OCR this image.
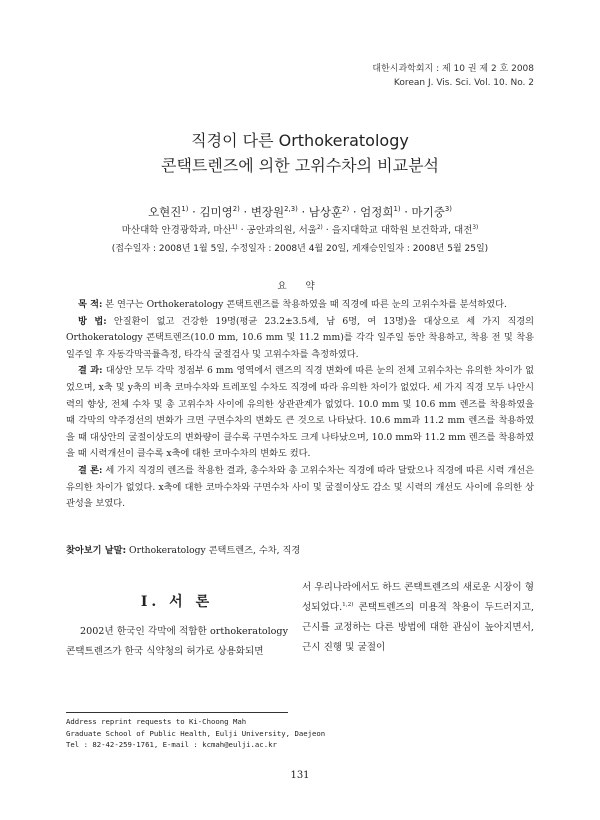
대한시과학회지 : 제 10 권 제 2 호 2008
Korean J. Vis. Sci. Vol. 10. No. 2
직경이 다른 Orthokeratology
콘택트렌즈에 의한 고위수차의 비교분석
오현진$^{1)}$ · 김미영$^{2)}$ · 변장원$^{2,3)}$ · 남상훈$^{2)}$ · 엄정희$^{1)}$ · 마기중$^{3)}$
마산대학 안경광학과, 마산$^{1)}$ · 공안과의원, 서울$^{2)}$ · 을지대학교 대학원 보건학과, 대전$^{3)}$
(접수일자 : 2008년 1월 5일, 수정일자 : 2008년 4월 20일, 게재승인일자 : 2008년 5월 25일)
요 약

목 적: 본 연구는 Orthokeratology 콘택트렌즈를 착용하였을 때 직경에 따른 눈의 고위수차를 분석하였다.

방 법: 안질환이 없고 건강한 19명(평균 23.2±3.5세, 남 6명, 여 13명)을 대상으로 세 가지 직경의 Orthokeratology 콘택트렌즈(10.0 mm, 10.6 mm 및 11.2 mm)를 각각 일주일 동안 착용하고, 착용 전 및 착용 일주일 후 자동각막곡률측정, 타각식 굴절검사 및 고위수차를 측정하였다.

결 과: 대상안 모두 각막 정점부 6 mm 영역에서 렌즈의 직경 변화에 따른 눈의 전체 고위수차는 유의한 차이가 없었으며, x축 및 y축의 비축 코마수차와 트레포일 수차도 직경에 따라 유의한 차이가 없었다. 세 가지 직경 모두 나안시력의 향상, 전체 수차 및 총 고위수차 사이에 유의한 상관관계가 없었다. 10.0 mm 및 10.6 mm 렌즈를 착용하였을 때 각막의 약주경선의 변화가 크면 구면수차의 변화도 큰 것으로 나타났다. 10.6 mm과 11.2 mm 렌즈를 착용하였을 때 대상안의 굴절이상도의 변화량이 클수록 구면수차도 크게 나타났으며, 10.0 mm와 11.2 mm 렌즈를 착용하였을 때 시력개선이 클수록 x축에 대한 코마수차의 변화도 컸다.

결 론: 세 가지 직경의 렌즈를 착용한 결과, 총수차와 총 고위수차는 직경에 따라 달랐으나 직경에 따른 시력 개선은 유의한 차이가 없었다. x축에 대한 코마수차와 구면수차 사이 및 굴절이상도 감소 및 시력의 개선도 사이에 유의한 상관성을 보였다.

찾아보기 낱말: Orthokeratology 콘택트렌즈, 수차, 직경
I. 서 론
2002년 한국인 각막에 적합한 orthokeratology 콘택트렌즈가 한국 식약청의 허가로 상용화되면
서 우리나라에서도 하드 콘택트렌즈의 새로운 시장이 형성되었다.$^{1,2)}$ 콘택트렌즈의 미용적 착용이 두드러지고, 근시를 교정하는 다른 방법에 대한 관심이 높아지면서, 근시 진행 및 굴절이
Address reprint requests to Ki-Choong Mah
Graduate School of Public Health, Eulji University, Daejeon
Tel : 82-42-259-1761, E-mail : kcmah@eulji.ac.kr
131
